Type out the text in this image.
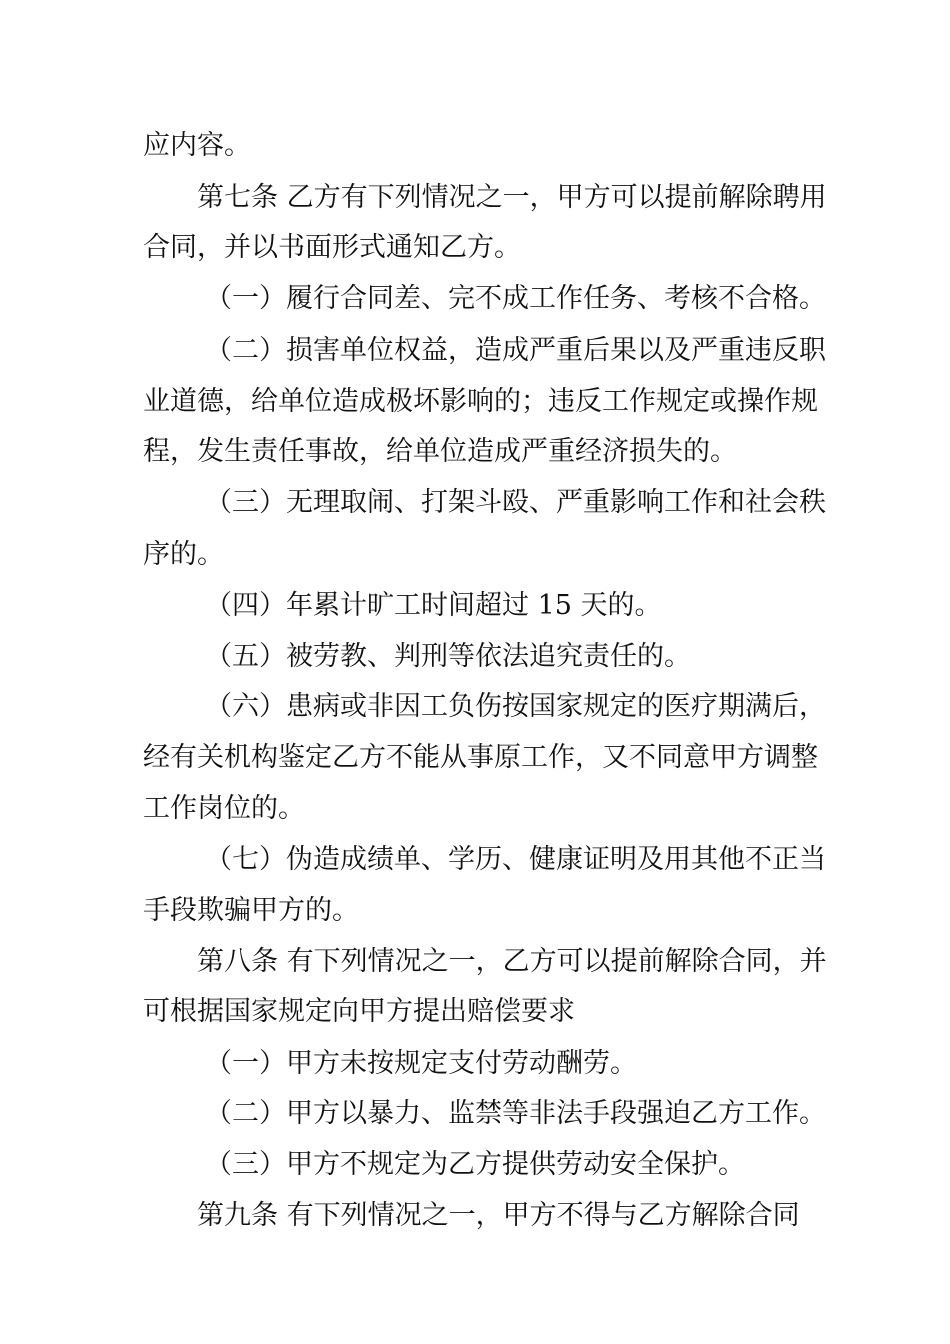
应内容。
第七条 乙方有下列情况之一，甲方可以提前解除聘用
合同，并以书面形式通知乙方。
（一）履行合同差、完不成工作任务、考核不合格。
（二）损害单位权益，造成严重后果以及严重违反职
业道德，给单位造成极坏影响的；违反工作规定或操作规
程，发生责任事故，给单位造成严重经济损失的。
（三）无理取闹、打架斗殴、严重影响工作和社会秩
序的。
（四）年累计旷工时间超过 15 天的。
（五）被劳教、判刑等依法追究责任的。
（六）患病或非因工负伤按国家规定的医疗期满后，
经有关机构鉴定乙方不能从事原工作，又不同意甲方调整
工作岗位的。
（七）伪造成绩单、学历、健康证明及用其他不正当
手段欺骗甲方的。
第八条 有下列情况之一，乙方可以提前解除合同，并
可根据国家规定向甲方提出赔偿要求
（一）甲方未按规定支付劳动酬劳。
（二）甲方以暴力、监禁等非法手段强迫乙方工作。
（三）甲方不规定为乙方提供劳动安全保护。
第九条 有下列情况之一，甲方不得与乙方解除合同
